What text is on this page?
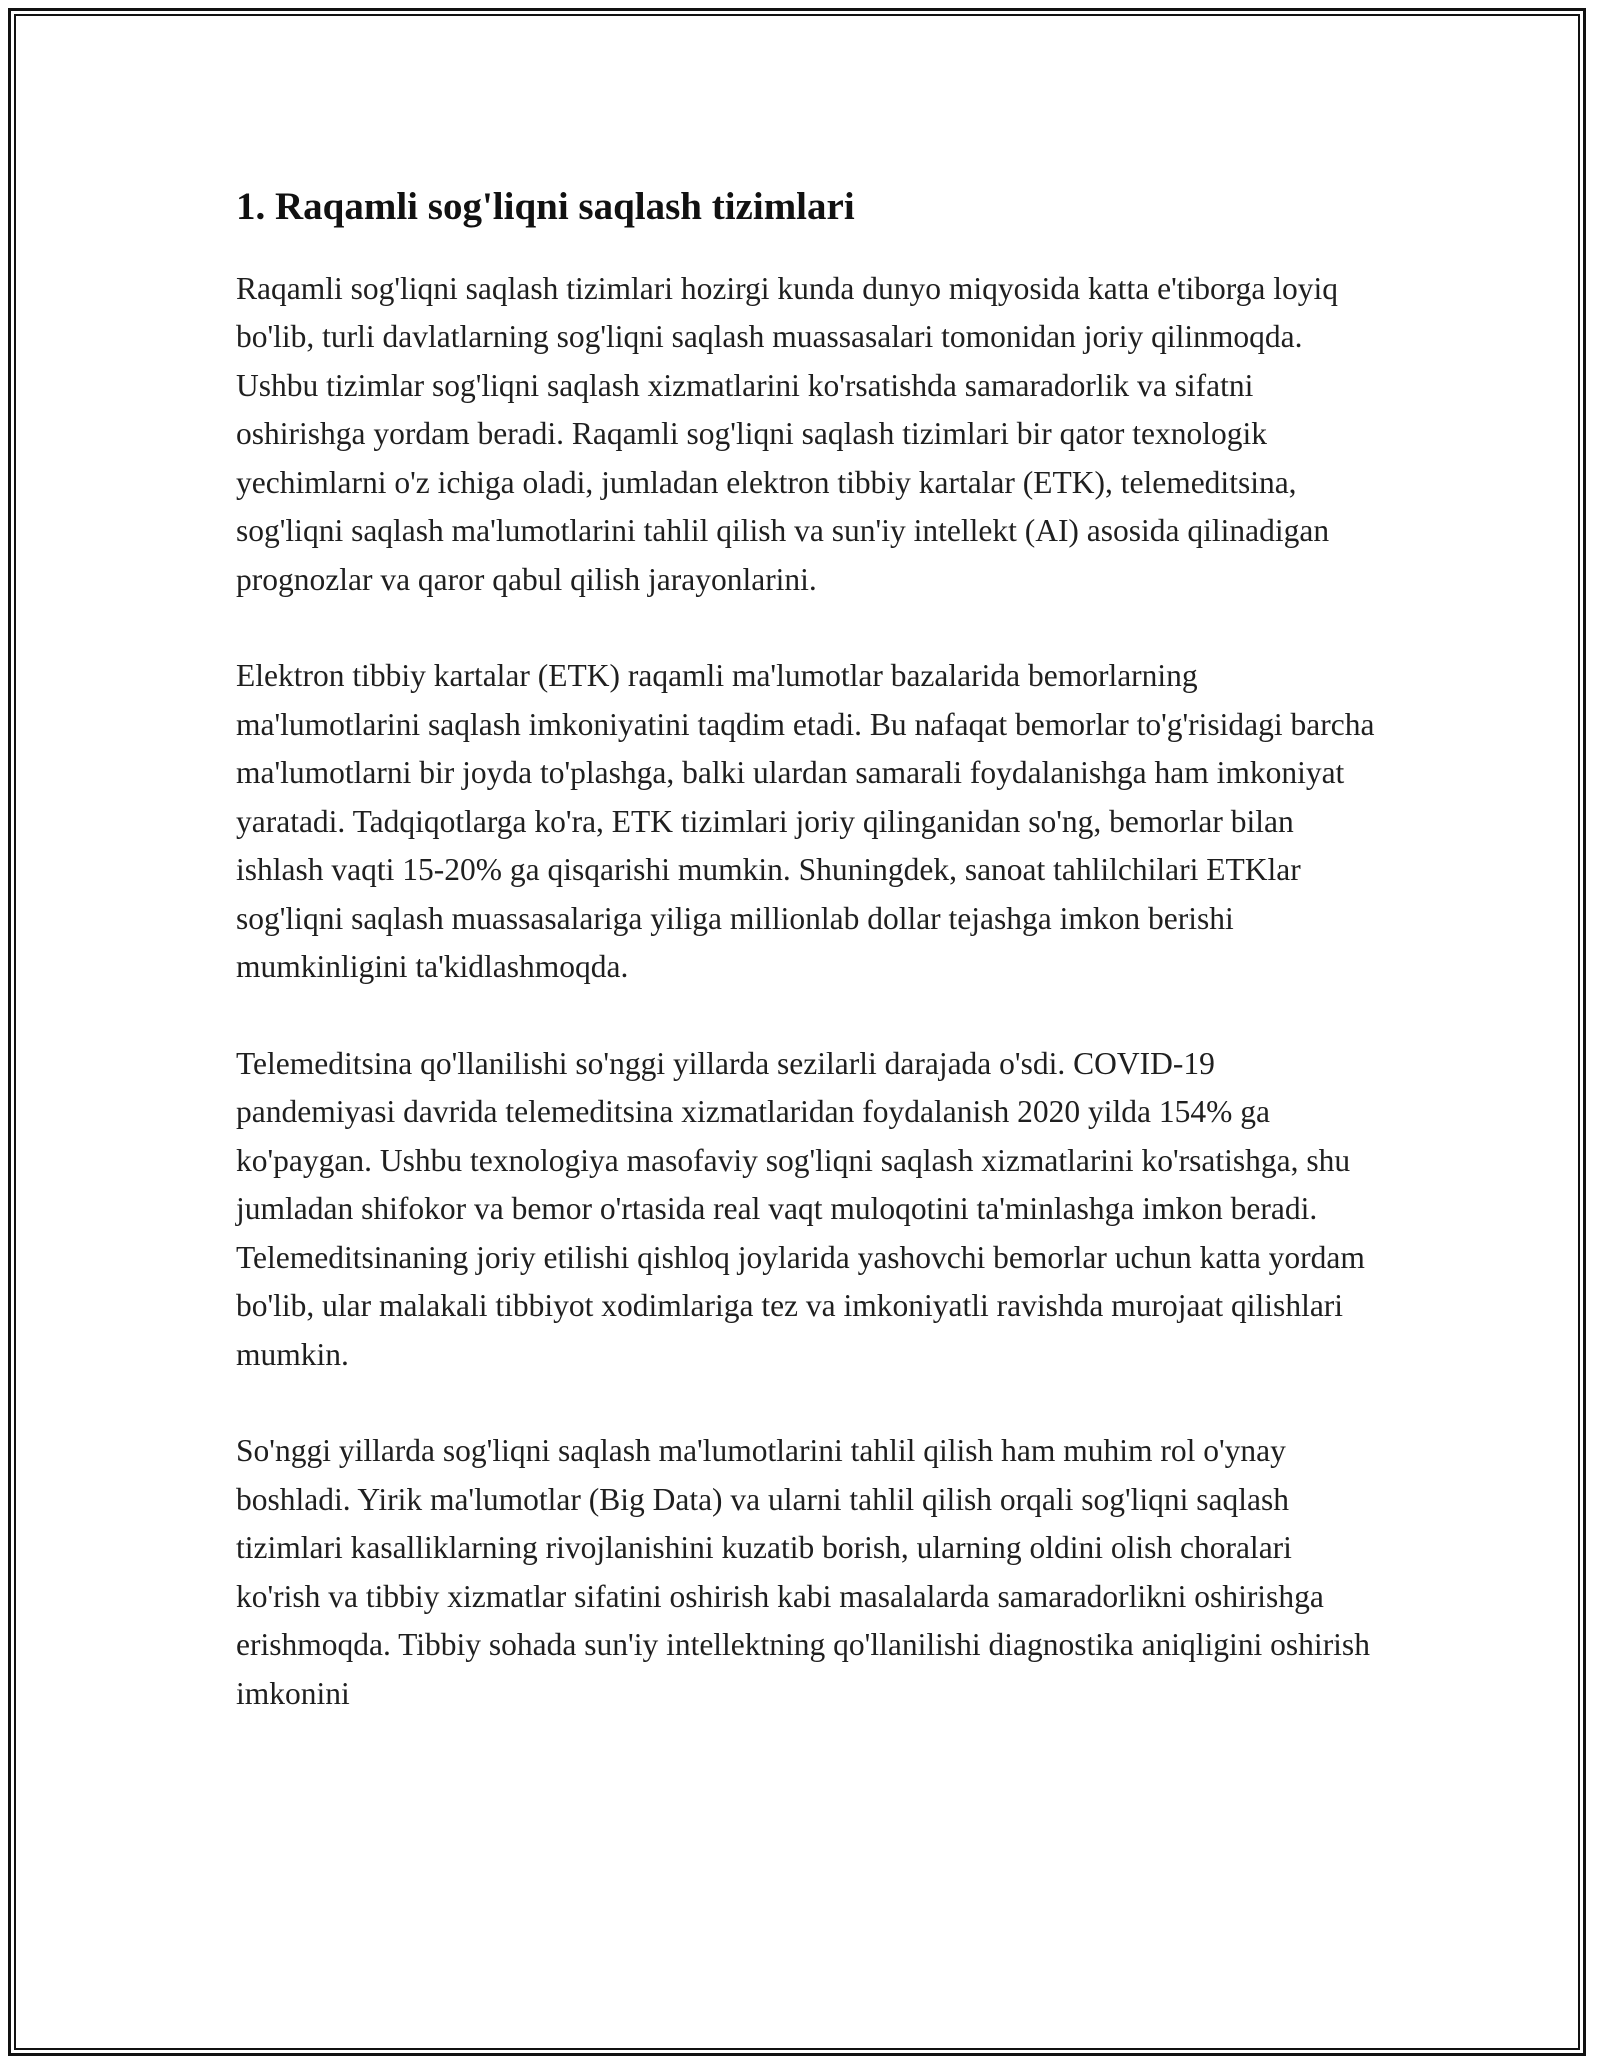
1. Raqamli sog'liqni saqlash tizimlari

Raqamli sog'liqni saqlash tizimlari hozirgi kunda dunyo miqyosida katta e'tiborga loyiq bo'lib, turli davlatlarning sog'liqni saqlash muassasalari tomonidan joriy qilinmoqda. Ushbu tizimlar sog'liqni saqlash xizmatlarini ko'rsatishda samaradorlik va sifatni oshirishga yordam beradi. Raqamli sog'liqni saqlash tizimlari bir qator texnologik yechimlarni o'z ichiga oladi, jumladan elektron tibbiy kartalar (ETK), telemeditsina, sog'liqni saqlash ma'lumotlarini tahlil qilish va sun'iy intellekt (AI) asosida qilinadigan prognozlar va qaror qabul qilish jarayonlarini.

Elektron tibbiy kartalar (ETK) raqamli ma'lumotlar bazalarida bemorlarning ma'lumotlarini saqlash imkoniyatini taqdim etadi. Bu nafaqat bemorlar to'g'risidagi barcha ma'lumotlarni bir joyda to'plashga, balki ulardan samarali foydalanishga ham imkoniyat yaratadi. Tadqiqotlarga ko'ra, ETK tizimlari joriy qilinganidan so'ng, bemorlar bilan ishlash vaqti 15-20% ga qisqarishi mumkin. Shuningdek, sanoat tahlilchilari ETKlar sog'liqni saqlash muassasalariga yiliga millionlab dollar tejashga imkon berishi mumkinligini ta'kidlashmoqda.

Telemeditsina qo'llanilishi so'nggi yillarda sezilarli darajada o'sdi. COVID-19 pandemiyasi davrida telemeditsina xizmatlaridan foydalanish 2020 yilda 154% ga ko'paygan. Ushbu texnologiya masofaviy sog'liqni saqlash xizmatlarini ko'rsatishga, shu jumladan shifokor va bemor o'rtasida real vaqt muloqotini ta'minlashga imkon beradi. Telemeditsinaning joriy etilishi qishloq joylarida yashovchi bemorlar uchun katta yordam bo'lib, ular malakali tibbiyot xodimlariga tez va imkoniyatli ravishda murojaat qilishlari mumkin.

So'nggi yillarda sog'liqni saqlash ma'lumotlarini tahlil qilish ham muhim rol o'ynay boshladi. Yirik ma'lumotlar (Big Data) va ularni tahlil qilish orqali sog'liqni saqlash tizimlari kasalliklarning rivojlanishini kuzatib borish, ularning oldini olish choralari ko'rish va tibbiy xizmatlar sifatini oshirish kabi masalalarda samaradorlikni oshirishga erishmoqda. Tibbiy sohada sun'iy intellektning qo'llanilishi diagnostika aniqligini oshirish imkonini
